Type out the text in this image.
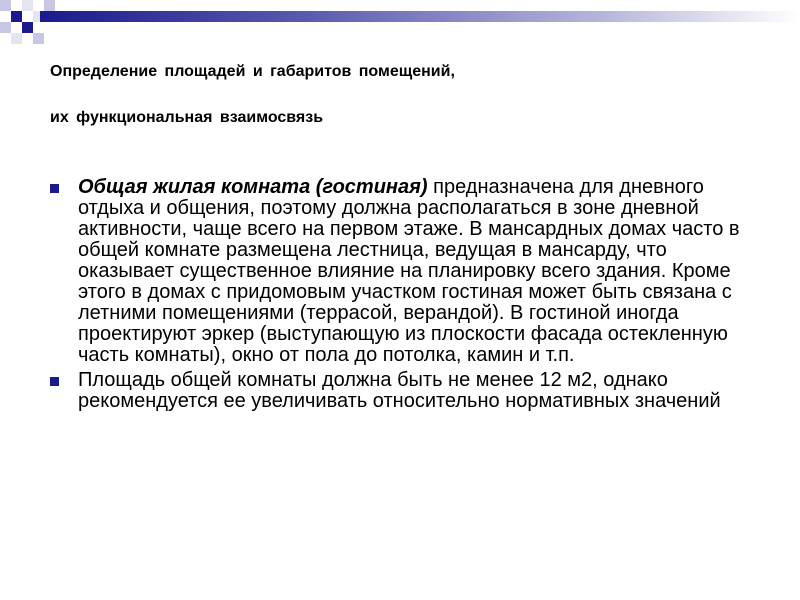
Определение площадей и габаритов помещений,
их функциональная взаимосвязь
Общая жилая комната (гостиная) предназначена для дневного отдыха и общения, поэтому должна располагаться в зоне дневной активности, чаще всего на первом этаже. В мансардных домах часто в общей комнате размещена лестница, ведущая в мансарду, что оказывает существенное влияние на планировку всего здания. Кроме этого в домах с придомовым участком гостиная может быть связана с летними помещениями (террасой, верандой). В гостиной иногда проектируют эркер (выступающую из плоскости фасада остекленную часть комнаты), окно от пола до потолка, камин и т.п.
Площадь общей комнаты должна быть не менее 12 м2, однако рекомендуется ее увеличивать относительно нормативных значений
